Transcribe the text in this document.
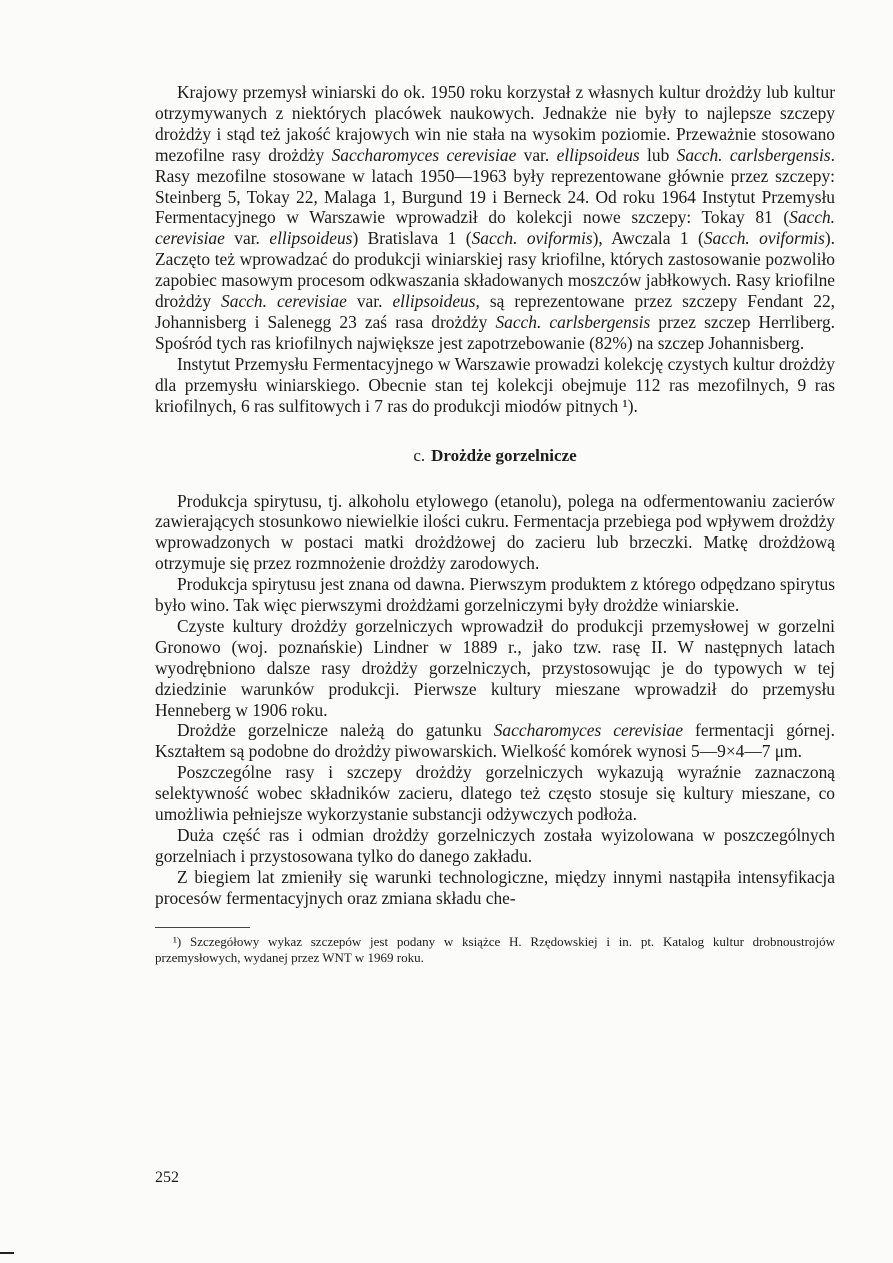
Krajowy przemysł winiarski do ok. 1950 roku korzystał z własnych kultur drożdży lub kultur otrzymywanych z niektórych placówek naukowych. Jednakże nie były to najlepsze szczepy drożdży i stąd też jakość krajowych win nie stała na wysokim poziomie. Przeważnie stosowano mezofilne rasy drożdży Saccharomyces cerevisiae var. ellipsoideus lub Sacch. carlsbergensis. Rasy mezofilne stosowane w latach 1950—1963 były reprezentowane głównie przez szczepy: Steinberg 5, Tokay 22, Malaga 1, Burgund 19 i Berneck 24. Od roku 1964 Instytut Przemysłu Fermentacyjnego w Warszawie wprowadził do kolekcji nowe szczepy: Tokay 81 (Sacch. cerevisiae var. ellipsoideus) Bratislava 1 (Sacch. oviformis), Awczala 1 (Sacch. oviformis). Zaczęto też wprowadzać do produkcji winiarskiej rasy kriofilne, których zastosowanie pozwoliło zapobiec masowym procesom odkwaszania składowanych moszczów jabłkowych. Rasy kriofilne drożdży Sacch. cerevisiae var. ellipsoideus, są reprezentowane przez szczepy Fendant 22, Johannisberg i Salenegg 23 zaś rasa drożdży Sacch. carlsbergensis przez szczep Herrliberg. Spośród tych ras kriofilnych największe jest zapotrzebowanie (82%) na szczep Johannisberg.

Instytut Przemysłu Fermentacyjnego w Warszawie prowadzi kolekcję czystych kultur drożdży dla przemysłu winiarskiego. Obecnie stan tej kolekcji obejmuje 112 ras mezofilnych, 9 ras kriofilnych, 6 ras sulfitowych i 7 ras do produkcji miodów pitnych ¹).

c. Drożdże gorzelnicze

Produkcja spirytusu, tj. alkoholu etylowego (etanolu), polega na odfermentowaniu zacierów zawierających stosunkowo niewielkie ilości cukru. Fermentacja przebiega pod wpływem drożdży wprowadzonych w postaci matki drożdżowej do zacieru lub brzeczki. Matkę drożdżową otrzymuje się przez rozmnożenie drożdży zarodowych.

Produkcja spirytusu jest znana od dawna. Pierwszym produktem z którego odpędzano spirytus było wino. Tak więc pierwszymi drożdżami gorzelniczymi były drożdże winiarskie.

Czyste kultury drożdży gorzelniczych wprowadził do produkcji przemysłowej w gorzelni Gronowo (woj. poznańskie) Lindner w 1889 r., jako tzw. rasę II. W następnych latach wyodrębniono dalsze rasy drożdży gorzelniczych, przystosowując je do typowych w tej dziedzinie warunków produkcji. Pierwsze kultury mieszane wprowadził do przemysłu Henneberg w 1906 roku.

Drożdże gorzelnicze należą do gatunku Saccharomyces cerevisiae fermentacji górnej. Kształtem są podobne do drożdży piwowarskich. Wielkość komórek wynosi 5—9×4—7 μm.

Poszczególne rasy i szczepy drożdży gorzelniczych wykazują wyraźnie zaznaczoną selektywność wobec składników zacieru, dlatego też często stosuje się kultury mieszane, co umożliwia pełniejsze wykorzystanie substancji odżywczych podłoża.

Duża część ras i odmian drożdży gorzelniczych została wyizolowana w poszczególnych gorzelniach i przystosowana tylko do danego zakładu.

Z biegiem lat zmieniły się warunki technologiczne, między innymi nastąpiła intensyfikacja procesów fermentacyjnych oraz zmiana składu che-

¹) Szczegółowy wykaz szczepów jest podany w książce H. Rzędowskiej i in. pt. Katalog kultur drobnoustrojów przemysłowych, wydanej przez WNT w 1969 roku.

252
